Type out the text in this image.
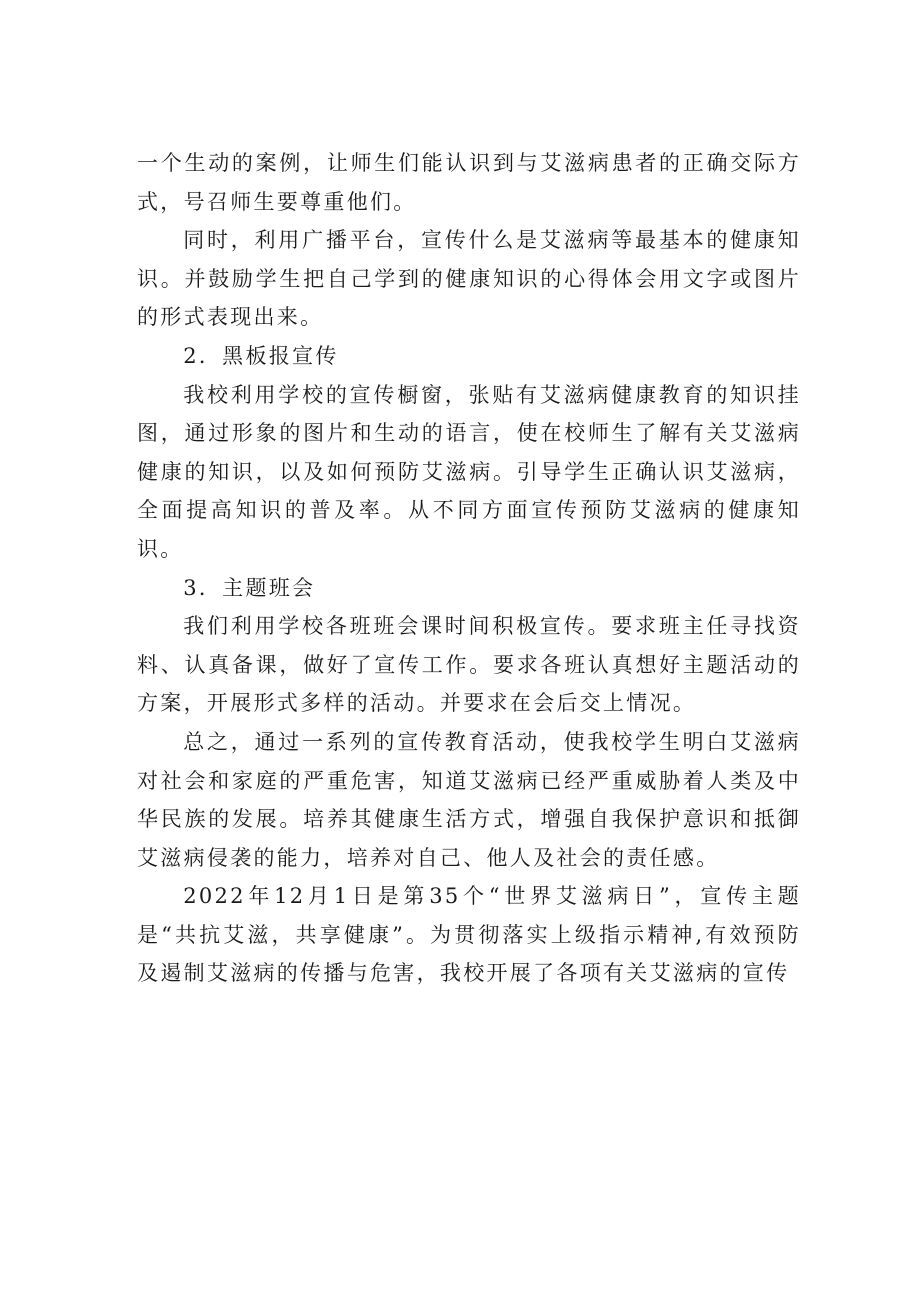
一个生动的案例，让师生们能认识到与艾滋病患者的正确交际方式，号召师生要尊重他们。

同时，利用广播平台，宣传什么是艾滋病等最基本的健康知识。并鼓励学生把自己学到的健康知识的心得体会用文字或图片的形式表现出来。

2．黑板报宣传

我校利用学校的宣传橱窗，张贴有艾滋病健康教育的知识挂图，通过形象的图片和生动的语言，使在校师生了解有关艾滋病健康的知识，以及如何预防艾滋病。引导学生正确认识艾滋病，全面提高知识的普及率。从不同方面宣传预防艾滋病的健康知识。

3．主题班会

我们利用学校各班班会课时间积极宣传。要求班主任寻找资料、认真备课，做好了宣传工作。要求各班认真想好主题活动的方案，开展形式多样的活动。并要求在会后交上情况。

总之，通过一系列的宣传教育活动，使我校学生明白艾滋病对社会和家庭的严重危害，知道艾滋病已经严重威胁着人类及中华民族的发展。培养其健康生活方式，增强自我保护意识和抵御艾滋病侵袭的能力，培养对自己、他人及社会的责任感。

2022年12月1日是第35个“世界艾滋病日”，宣传主题是“共抗艾滋，共享健康”。为贯彻落实上级指示精神,有效预防及遏制艾滋病的传播与危害，我校开展了各项有关艾滋病的宣传
